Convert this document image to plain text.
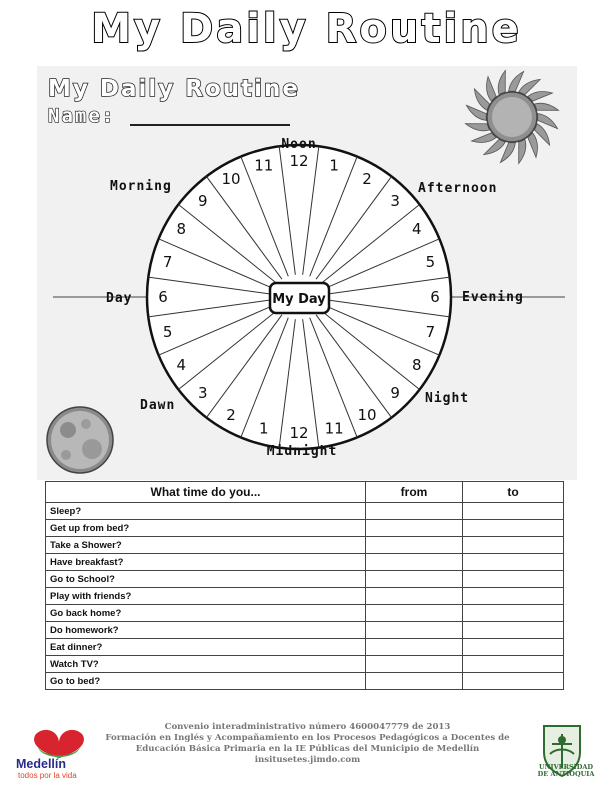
My Daily Routine
My Daily Routine
Name:
12 1
2
3
4
5
6
7
8
9
10
11
12
1
2
3
4
5
6
7
8
9
10
11
My Day
Noon
Afternoon
Evening
Night
Midnight
Dawn
Day
Morning
What time do you...	from	to
Sleep?		
Get up from bed?		
Take a Shower?		
Have breakfast?		
Go to School?		
Play with friends?		
Go back home?		
Do homework?		
Eat dinner?		
Watch TV?		
Go to bed?		
Convenio interadministrativo número 4600047779 de 2013
Formación en Inglés y Acompañamiento en los Procesos Pedagógicos a Docentes de
Educación Básica Primaria en la IE Públicas del Municipio de Medellín
insitusetes.jimdo.com
Medellín
todos por la vida
UNIVERSIDAD
DE ANTIOQUIA
